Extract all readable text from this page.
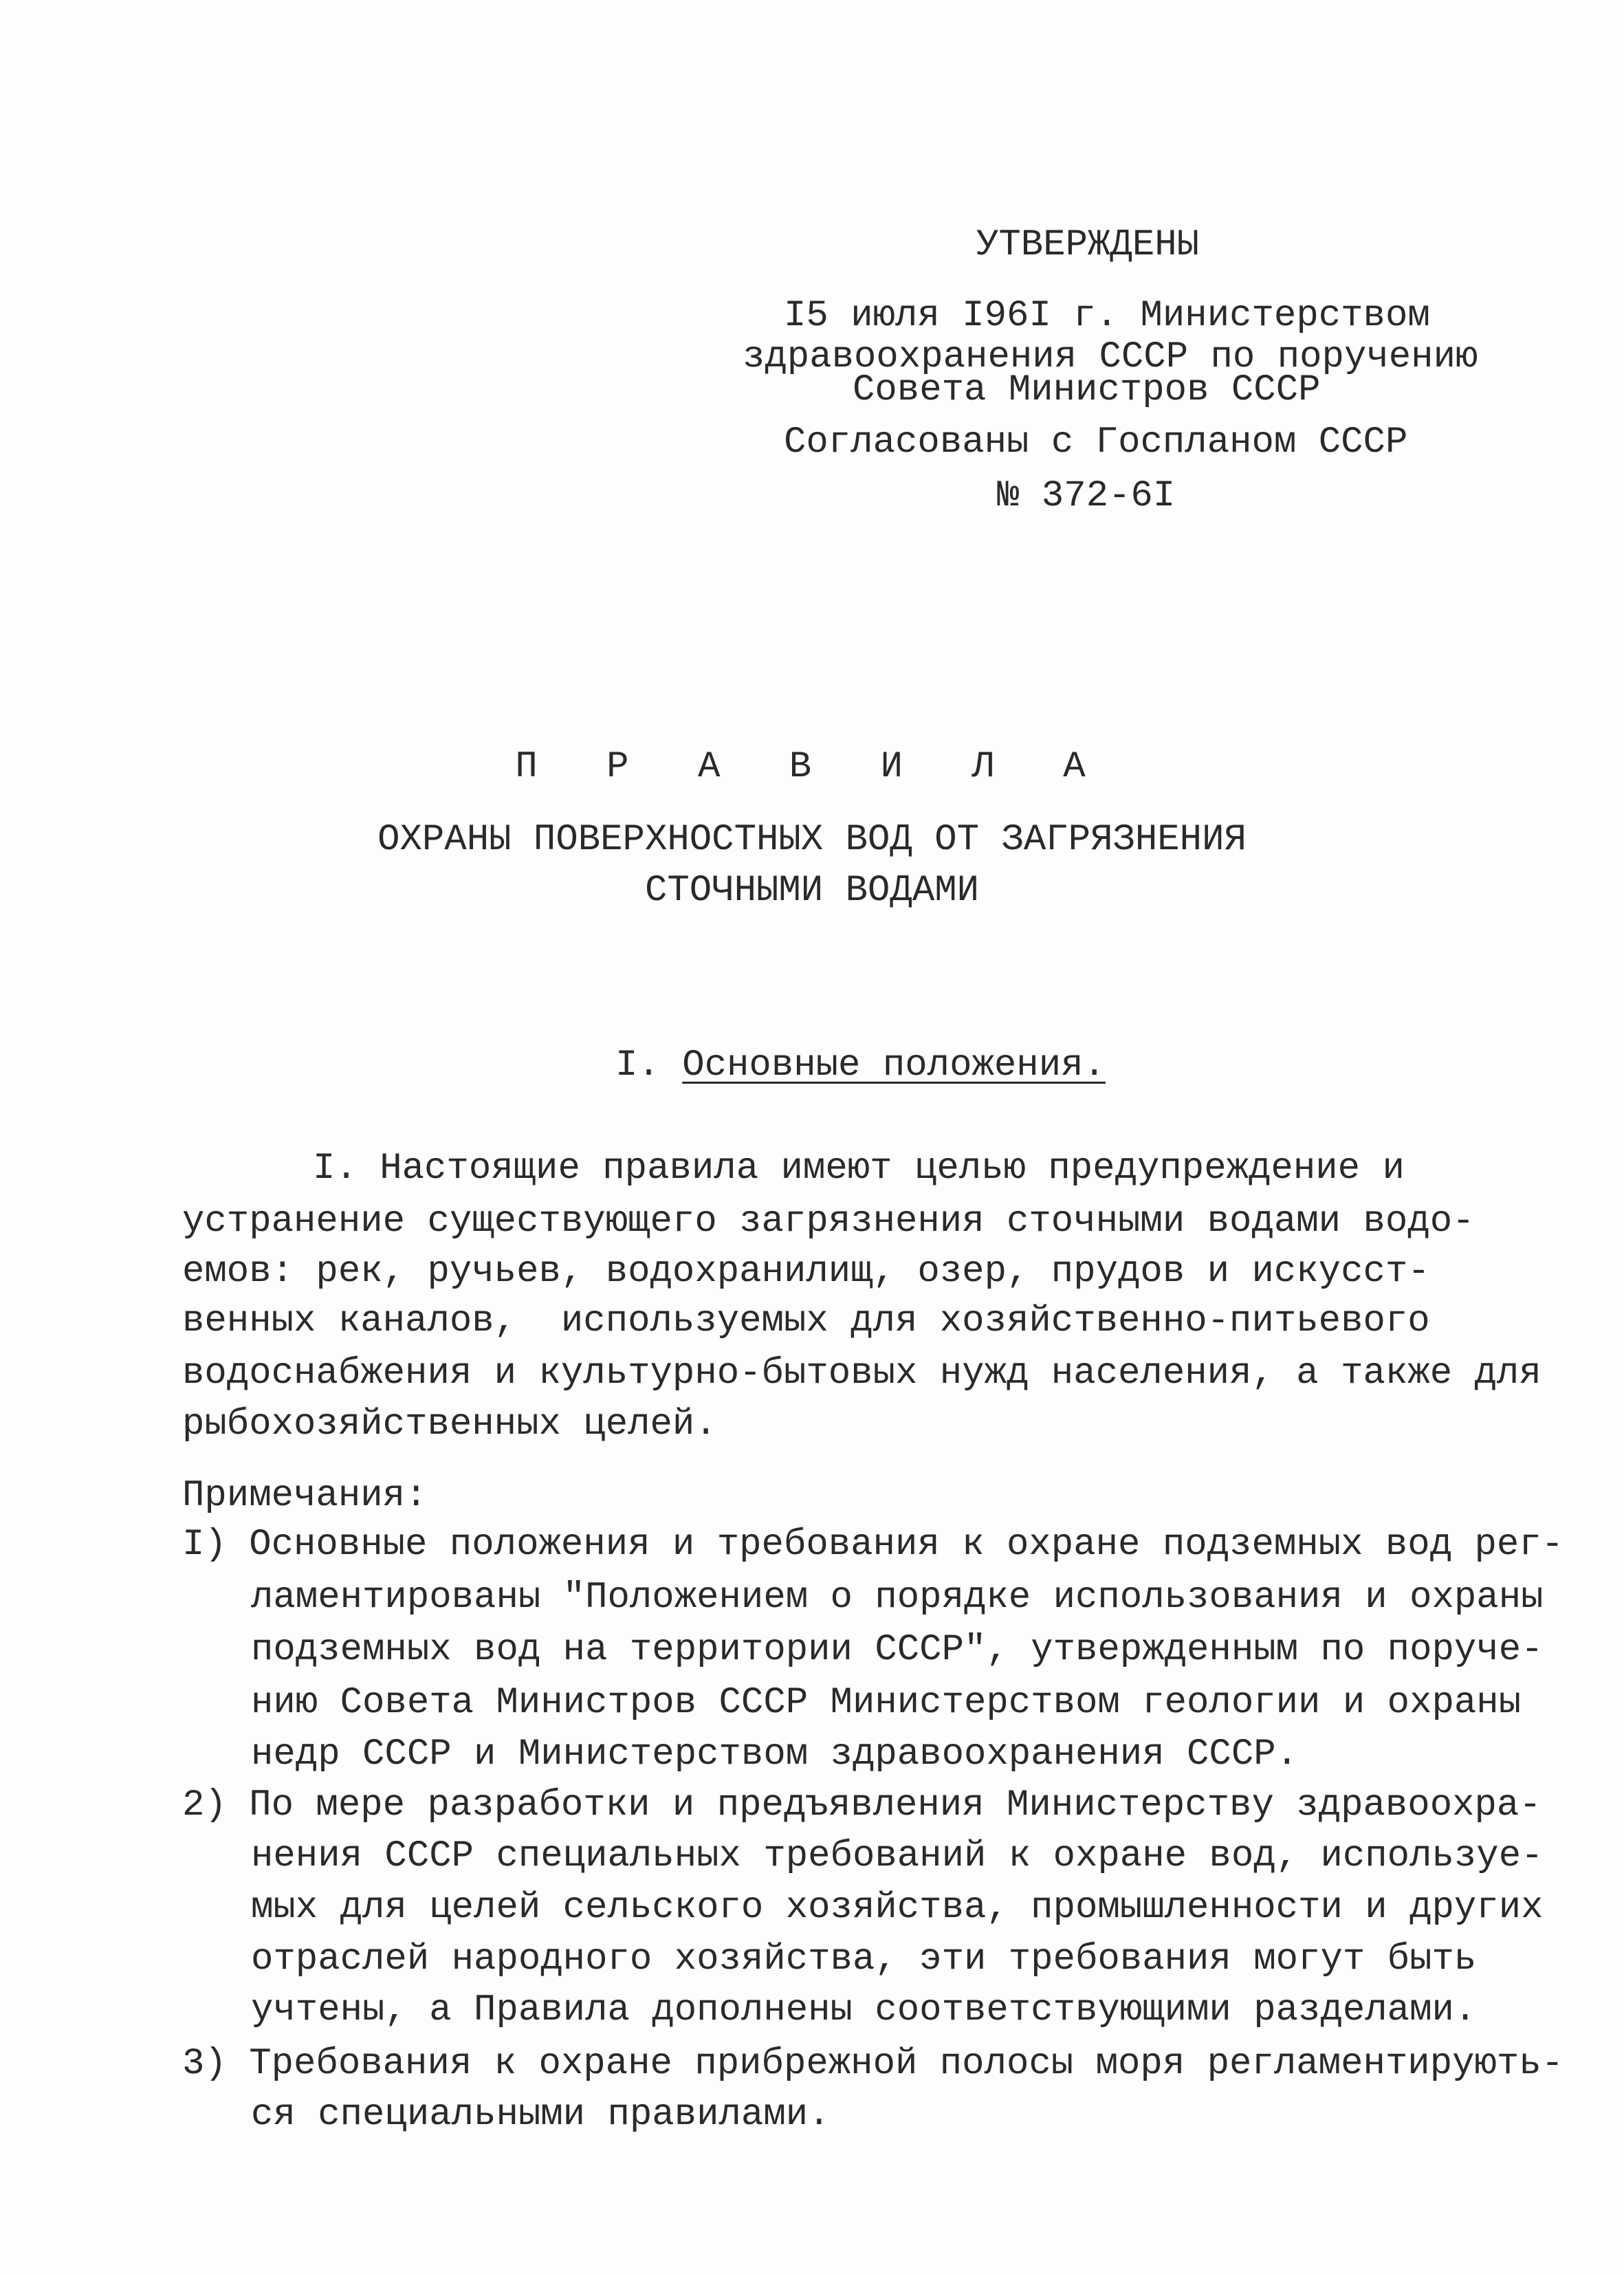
УТВЕРЖДЕНЫ
I5 июля I96I г. Министерством
здравоохранения СССР по поручению
Совета Министров СССР
Согласованы с Госпланом СССР
№ 372-6I
П Р А В И Л А
ОХРАНЫ ПОВЕРХНОСТНЫХ ВОД ОТ ЗАГРЯЗНЕНИЯ
СТОЧНЫМИ ВОДАМИ
I. Основные положения.
I. Настоящие правила имеют целью предупреждение и
устранение существующего загрязнения сточными водами водо-
емов: рек, ручьев, водохранилищ, озер, прудов и искусст-
венных каналов,  используемых для хозяйственно-питьевого
водоснабжения и культурно-бытовых нужд населения, а также для
рыбохозяйственных целей.
Примечания:
I) Основные положения и требования к охране подземных вод рег-
ламентированы "Положением о порядке использования и охраны
подземных вод на территории СССР", утвержденным по поруче-
нию Совета Министров СССР Министерством геологии и охраны
недр СССР и Министерством здравоохранения СССР.
2) По мере разработки и предъявления Министерству здравоохра-
нения СССР специальных требований к охране вод, используе-
мых для целей сельского хозяйства, промышленности и других
отраслей народного хозяйства, эти требования могут быть
учтены, а Правила дополнены соответствующими разделами.
3) Требования к охране прибрежной полосы моря регламентирують-
ся специальными правилами.
